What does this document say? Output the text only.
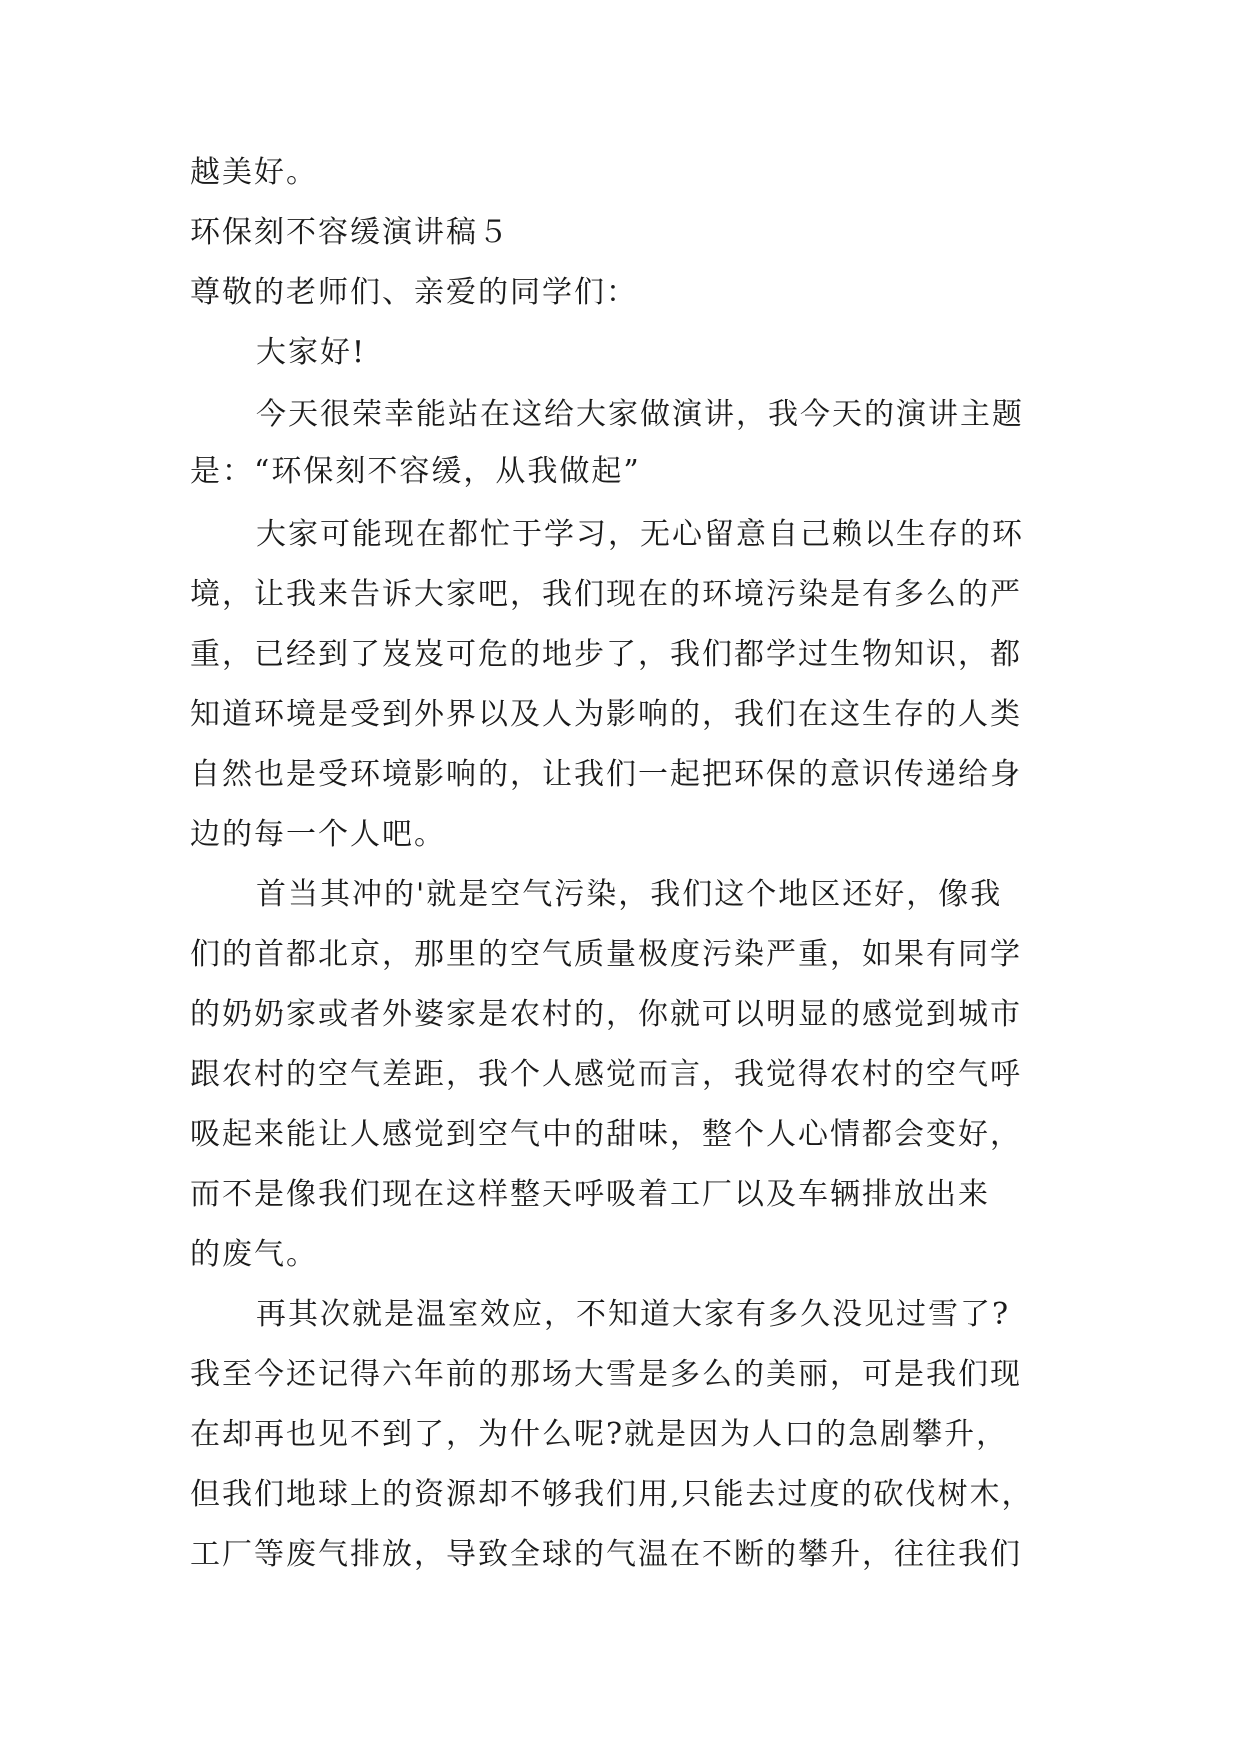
越美好。

环保刻不容缓演讲稿５

尊敬的老师们、亲爱的同学们：

大家好!

今天很荣幸能站在这给大家做演讲，我今天的演讲主题

是：“环保刻不容缓，从我做起”

大家可能现在都忙于学习，无心留意自己赖以生存的环

境，让我来告诉大家吧，我们现在的环境污染是有多么的严

重，已经到了岌岌可危的地步了，我们都学过生物知识，都

知道环境是受到外界以及人为影响的，我们在这生存的人类

自然也是受环境影响的，让我们一起把环保的意识传递给身

边的每一个人吧。

首当其冲的'就是空气污染，我们这个地区还好，像我

们的首都北京，那里的空气质量极度污染严重，如果有同学

的奶奶家或者外婆家是农村的，你就可以明显的感觉到城市

跟农村的空气差距，我个人感觉而言，我觉得农村的空气呼

吸起来能让人感觉到空气中的甜味，整个人心情都会变好，

而不是像我们现在这样整天呼吸着工厂以及车辆排放出来

的废气。

再其次就是温室效应，不知道大家有多久没见过雪了?

我至今还记得六年前的那场大雪是多么的美丽，可是我们现

在却再也见不到了，为什么呢?就是因为人口的急剧攀升，

但我们地球上的资源却不够我们用,只能去过度的砍伐树木，

工厂等废气排放，导致全球的气温在不断的攀升，往往我们
